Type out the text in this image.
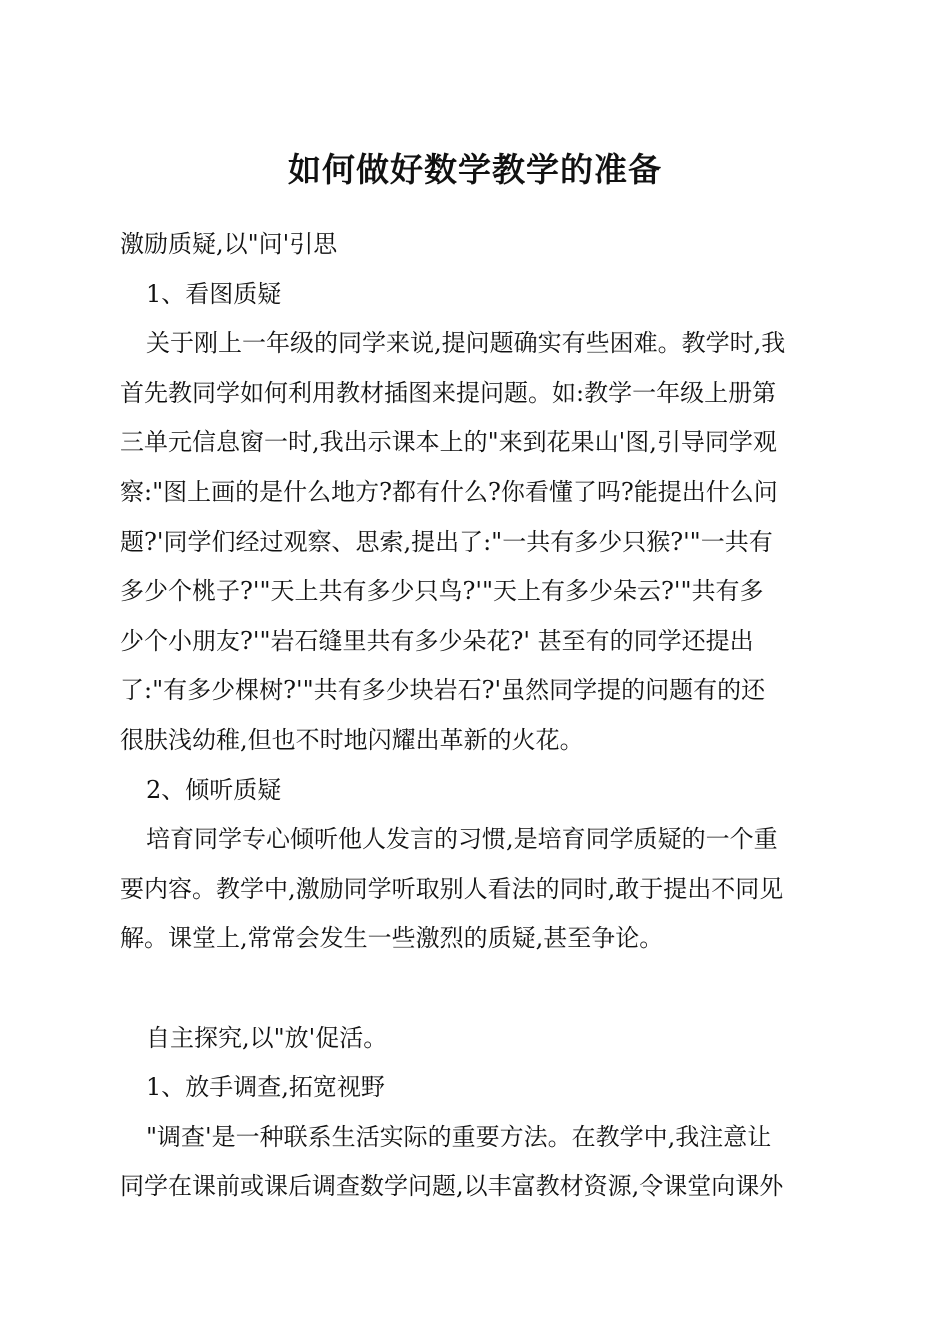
如何做好数学教学的准备

激励质疑,以"问'引思

1、看图质疑

关于刚上一年级的同学来说,提问题确实有些困难。教学时,我

首先教同学如何利用教材插图来提问题。如:教学一年级上册第

三单元信息窗一时,我出示课本上的"来到花果山'图,引导同学观

察:"图上画的是什么地方?都有什么?你看懂了吗?能提出什么问

题?'同学们经过观察、思索,提出了:"一共有多少只猴?'"一共有

多少个桃子?'"天上共有多少只鸟?'"天上有多少朵云?'"共有多

少个小朋友?'"岩石缝里共有多少朵花?' 甚至有的同学还提出

了:"有多少棵树?'"共有多少块岩石?'虽然同学提的问题有的还

很肤浅幼稚,但也不时地闪耀出革新的火花。

2、倾听质疑

培育同学专心倾听他人发言的习惯,是培育同学质疑的一个重

要内容。教学中,激励同学听取别人看法的同时,敢于提出不同见

解。课堂上,常常会发生一些激烈的质疑,甚至争论。

自主探究,以"放'促活。

1、放手调查,拓宽视野

"调查'是一种联系生活实际的重要方法。在教学中,我注意让

同学在课前或课后调查数学问题,以丰富教材资源,令课堂向课外
